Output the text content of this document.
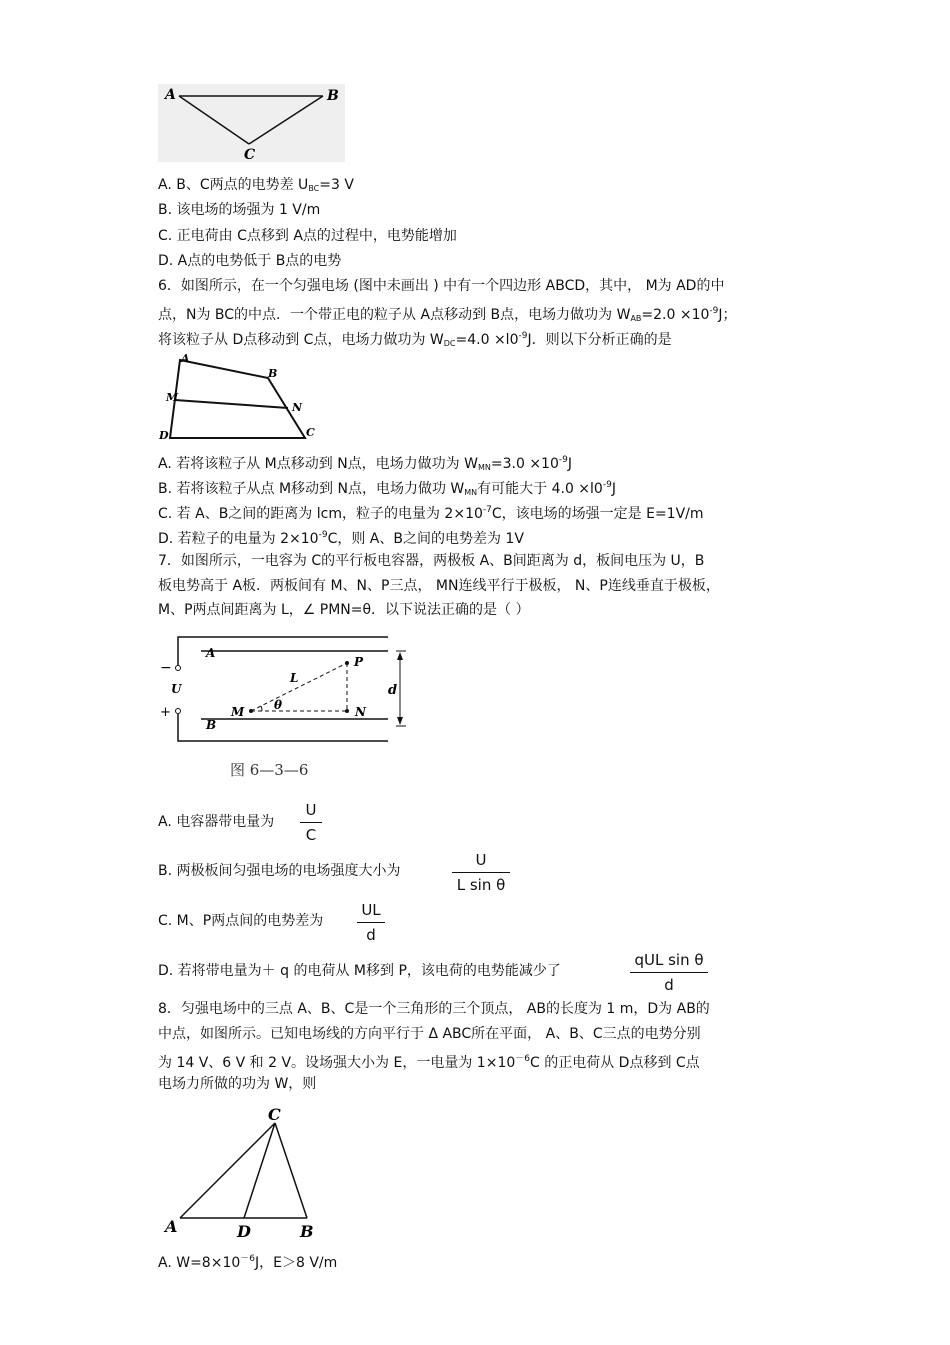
A	B
C
A. B、C两点的电势差 $U_{BC}=3$ V
B. 该电场的场强为 1 V/m
C. 正电荷由 C点移到 A点的过程中，电势能增加
D. A点的电势低于 B点的电势
6．如图所示，在一个匀强电场 (图中未画出 ) 中有一个四边形 ABCD，其中， M为 AD的中
点，N为 BC的中点．一个带正电的粒子从 A点移动到 B点，电场力做功为 $W_{AB}=2.0 \times 10^{-9}J$；
将该粒子从 D点移动到 C点，电场力做功为 $W_{DC}=4.0 \times l0^{-9}J$．则以下分析正确的是
A
B
M
N
D	C
A. 若将该粒子从 M点移动到 N点，电场力做功为 $W_{MN}=3.0 \times 10^{-9}J$
B. 若将该粒子从点 M移动到 N点，电场力做功 $W_{MN}$有可能大于 $4.0 \times l0^{-9}J$
C. 若 A、B之间的距离为 lcm，粒子的电量为 $2\times 10^{-7}C$，该电场的场强一定是 E=1V/m
D. 若粒子的电量为 $2\times 10^{-9}C$，则 A、B之间的电势差为 1V
7．如图所示，一电容为 C的平行板电容器，两极板 A、B间距离为 d，板间电压为 U，B
板电势高于 A板．两板间有 M、N、P三点， MN连线平行于极板， N、P连线垂直于极板，
M、P两点间距离为 L，∠ PMN=θ．以下说法正确的是（ ）
−
U
+
A
B
P
L
θ
M	N
d
图 6—3—6
A. 电容器带电量为
U
C
B. 两极板间匀强电场的电场强度大小为
U
L sin θ
C. M、P两点间的电势差为
UL
d
D. 若将带电量为＋ q 的电荷从 M移到 P，该电荷的电势能减少了
qUL sin θ
d
8．匀强电场中的三点 A、B、C是一个三角形的三个顶点， AB的长度为 1 m，D为 AB的
中点，如图所示。已知电场线的方向平行于 Δ ABC所在平面， A、B、C三点的电势分别
为 14 V、6 V 和 2 V。设场强大小为 E，一电量为 $1\times 10^{-6}C$ 的正电荷从 D点移到 C点
电场力所做的功为 W，则
C
A	D	B
A. $W=8\times 10^{-6}J$，E＞8 V/m
